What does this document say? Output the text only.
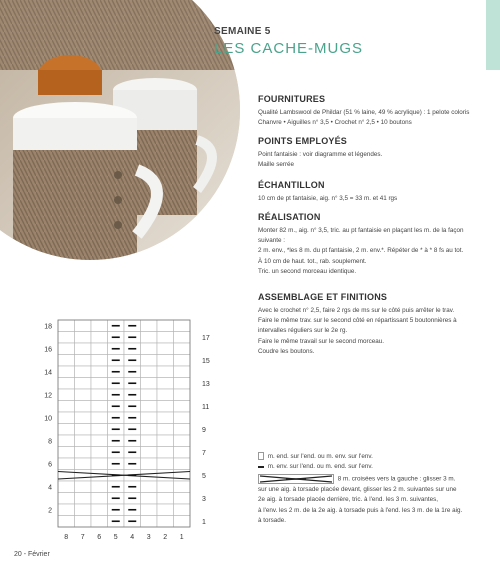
SEMAINE 5
LES CACHE-MUGS
FOURNITURES

Qualité Lambswool de Phildar (51 % laine, 49 % acrylique) : 1 pelote coloris

Chanvre • Aiguilles n° 3,5 • Crochet n° 2,5 • 10 boutons

POINTS EMPLOYÉS

Point fantaisie : voir diagramme et légendes.

Maille serrée

ÉCHANTILLON

10 cm de pt fantaisie, aig. n° 3,5 = 33 m. et 41 rgs

RÉALISATION

Monter 82 m., aig. n° 3,5, tric. au pt fantaisie en plaçant les m. de la façon

suivante :

2 m. env., *les 8 m. du pt fantaisie, 2 m. env.*. Répéter de * à * 8 fs au tot.

À 10 cm de haut. tot., rab. souplement.

Tric. un second morceau identique.

ASSEMBLAGE ET FINITIONS

Avec le crochet n° 2,5, faire 2 rgs de ms sur le côté puis arrêter le trav.

Faire le même trav. sur le second côté en répartissant 5 boutonnières à

intervalles réguliers sur le 2e rg.

Faire le même travail sur le second morceau.

Coudre les boutons.

18
16
14
12
10
8
6
4
2
17
15
13
11
9
7
5
3
1
8 7 6 5 4 3 2 1
m. end. sur l'end. ou m. env. sur l'env.
m. env. sur l'end. ou m. end. sur l'env.
8 m. croisées vers la gauche : glisser 3 m.
sur une aig. à torsade placée devant, glisser les 2 m. suivantes sur une
2e aig. à torsade placée derrière, tric. à l'end. les 3 m. suivantes,
à l'env. les 2 m. de la 2e aig. à torsade puis à l'end. les 3 m. de la 1re aig.
à torsade.
20 - Février
